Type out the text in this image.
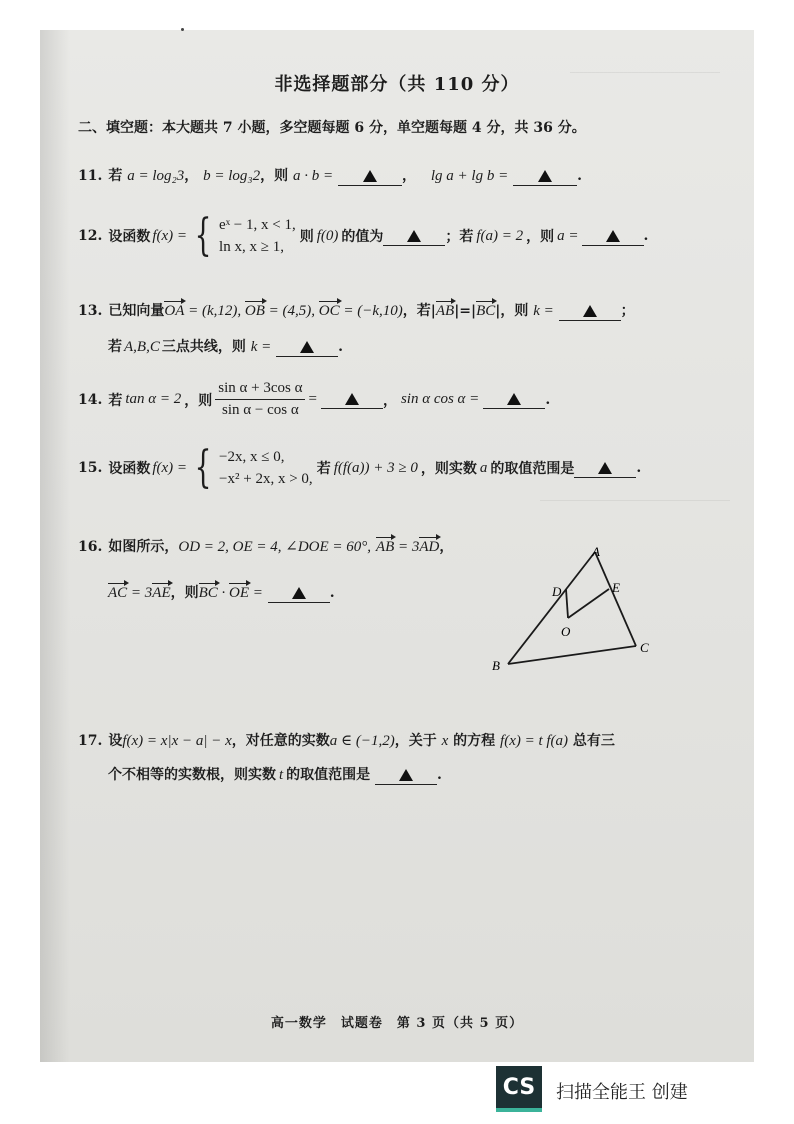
非选择题部分（共 110 分）
二、填空题：本大题共 7 小题，多空题每题 6 分，单空题每题 4 分，共 36 分。
11. 若 a = log₂3， b = log₃2，则 a · b =	， lg a + lg b =	.
12. 设函数 f(x) = { eˣ − 1, x < 1,
ln x, x ≥ 1,
则 f(0) 的值为	；若 f(a) = 2 ，则 a =	.
13. 已知向量OA = (k,12), OB = (4,5), OC = (−k,10)，若|AB|=|BC|，则 k =	；
若 A,B,C 三点共线，则 k =	.
14. 若 tan α = 2 ，则 $\frac{\text{sin α + 3cos α}}{\text{sin α − cos α}}$ =	， sin α cos α =	.
15. 设函数 f(x) = { −2x, x ≤ 0,
−x² + 2x, x > 0,
若 f(f(a)) + 3 ≥ 0 ，则实数 a 的取值范围是	.
16. 如图所示，OD = 2, OE = 4, ∠DOE = 60°, AB = 3AD，
AC = 3AE，则BC · OE =	.
A
D	E
O
C
B
17. 设f(x) = x|x − a| − x，对任意的实数a ∈ (−1,2)，关于 x 的方程 f(x) = t f(a) 总有三
个不相等的实数根，则实数 t 的取值范围是	.
高一数学　试题卷　第 3 页（共 5 页）
CS 扫描全能王 创建
